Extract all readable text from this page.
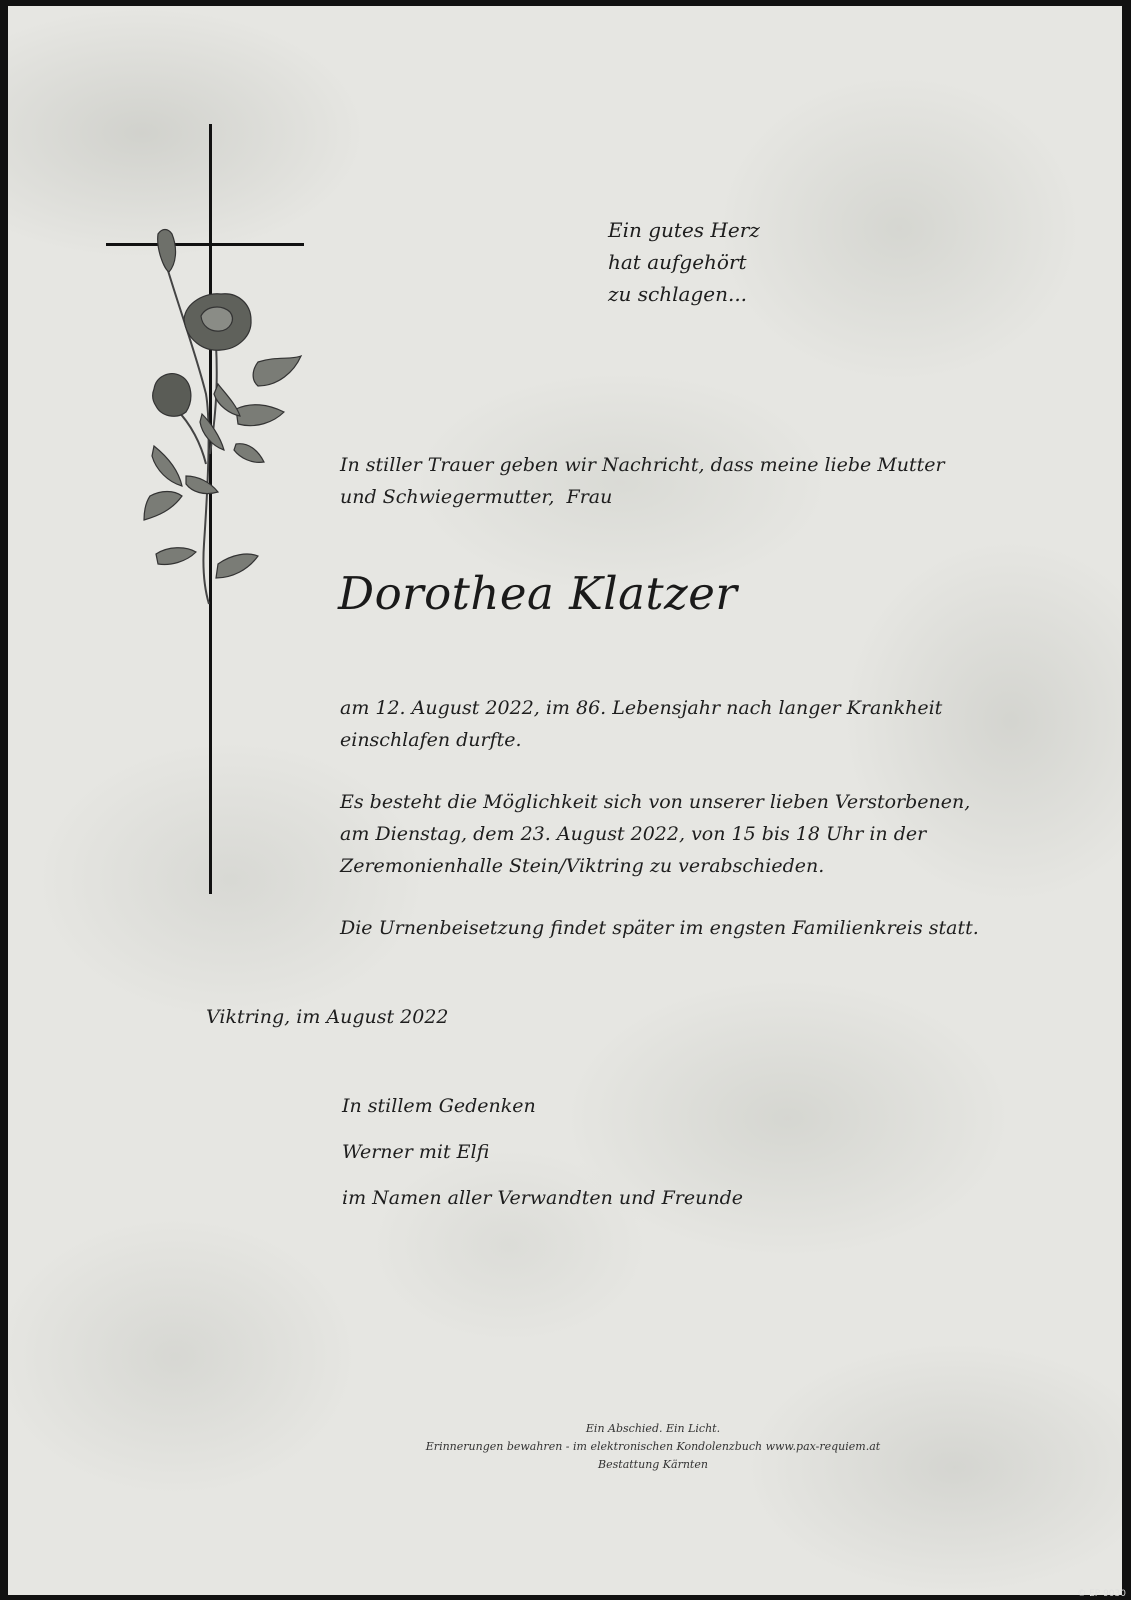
Ein gutes Herz
hat aufgehört
zu schlagen...
In stiller Trauer geben wir Nachricht, dass meine liebe Mutter
und Schwiegermutter,  Frau
Dorothea Klatzer
am 12. August 2022, im 86. Lebensjahr nach langer Krankheit
einschlafen durfte.
Es besteht die Möglichkeit sich von unserer lieben Verstorbenen,
am Dienstag, dem 23. August 2022, von 15 bis 18 Uhr in der
Zeremonienhalle Stein/Viktring zu verabschieden.
Die Urnenbeisetzung findet später im engsten Familienkreis statt.
Viktring, im August 2022
In stillem Gedenken
Werner mit Elfi
im Namen aller Verwandten und Freunde
Ein Abschied. Ein Licht.
Erinnerungen bewahren - im elektronischen Kondolenzbuch www.pax-requiem.at
Bestattung Kärnten
© EP 9030
